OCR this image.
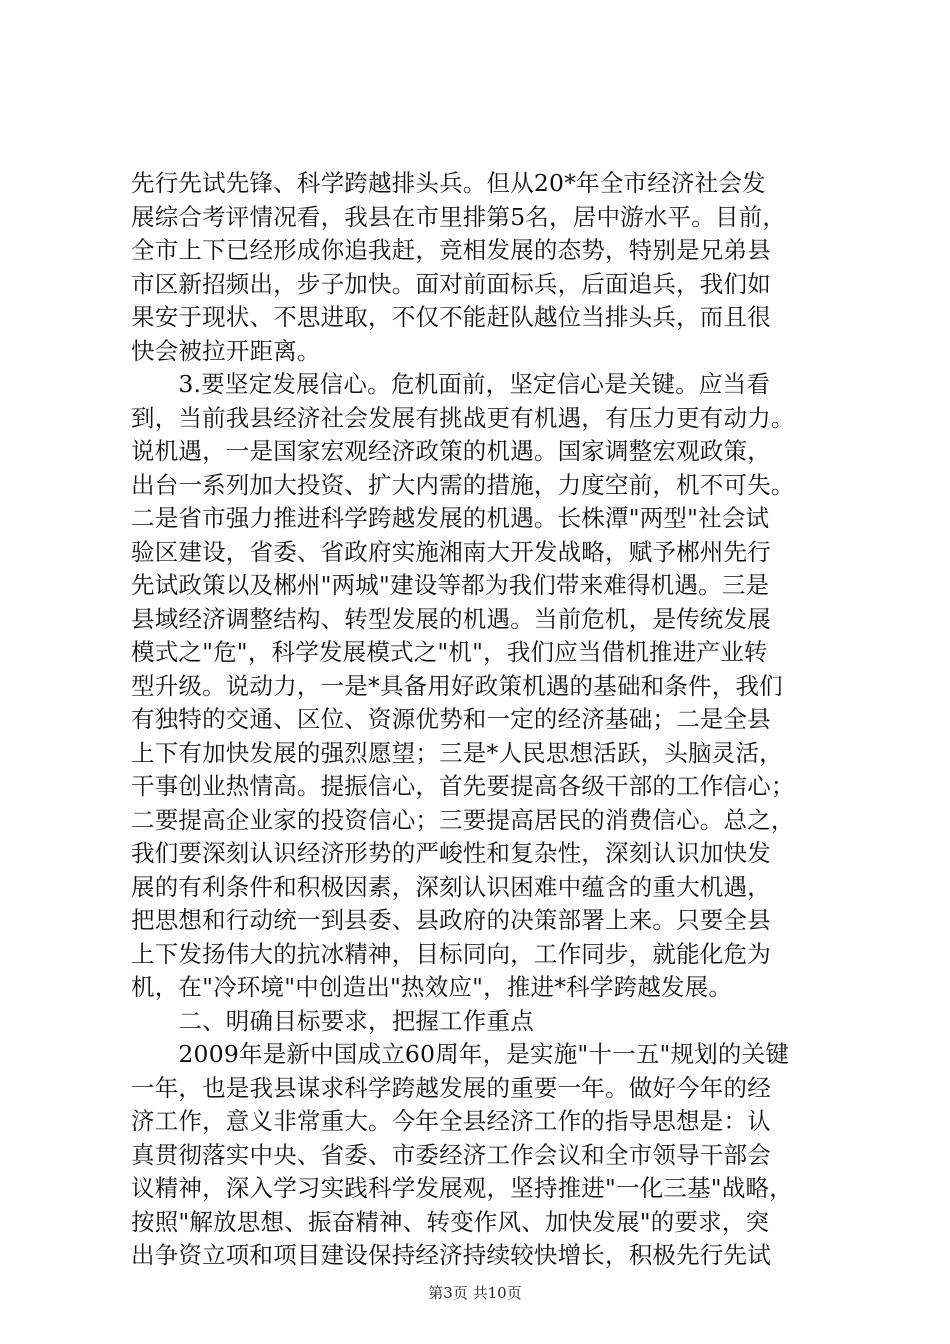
先行先试先锋、科学跨越排头兵。但从20*年全市经济社会发
展综合考评情况看，我县在市里排第5名，居中游水平。目前，
全市上下已经形成你追我赶，竞相发展的态势，特别是兄弟县
市区新招频出，步子加快。面对前面标兵，后面追兵，我们如
果安于现状、不思进取，不仅不能赶队越位当排头兵，而且很
快会被拉开距离。
　　3.要坚定发展信心。危机面前，坚定信心是关键。应当看
到，当前我县经济社会发展有挑战更有机遇，有压力更有动力。
说机遇，一是国家宏观经济政策的机遇。国家调整宏观政策，
出台一系列加大投资、扩大内需的措施，力度空前，机不可失。
二是省市强力推进科学跨越发展的机遇。长株潭"两型"社会试
验区建设，省委、省政府实施湘南大开发战略，赋予郴州先行
先试政策以及郴州"两城"建设等都为我们带来难得机遇。三是
县域经济调整结构、转型发展的机遇。当前危机，是传统发展
模式之"危"，科学发展模式之"机"，我们应当借机推进产业转
型升级。说动力，一是*具备用好政策机遇的基础和条件，我们
有独特的交通、区位、资源优势和一定的经济基础；二是全县
上下有加快发展的强烈愿望；三是*人民思想活跃，头脑灵活，
干事创业热情高。提振信心，首先要提高各级干部的工作信心；
二要提高企业家的投资信心；三要提高居民的消费信心。总之，
我们要深刻认识经济形势的严峻性和复杂性，深刻认识加快发
展的有利条件和积极因素，深刻认识困难中蕴含的重大机遇，
把思想和行动统一到县委、县政府的决策部署上来。只要全县
上下发扬伟大的抗冰精神，目标同向，工作同步，就能化危为
机，在"冷环境"中创造出"热效应"，推进*科学跨越发展。
　　二、明确目标要求，把握工作重点
　　2009年是新中国成立60周年，是实施"十一五"规划的关键
一年，也是我县谋求科学跨越发展的重要一年。做好今年的经
济工作，意义非常重大。今年全县经济工作的指导思想是：认
真贯彻落实中央、省委、市委经济工作会议和全市领导干部会
议精神，深入学习实践科学发展观，坚持推进"一化三基"战略，
按照"解放思想、振奋精神、转变作风、加快发展"的要求，突
出争资立项和项目建设保持经济持续较快增长，积极先行先试
第3页 共10页
